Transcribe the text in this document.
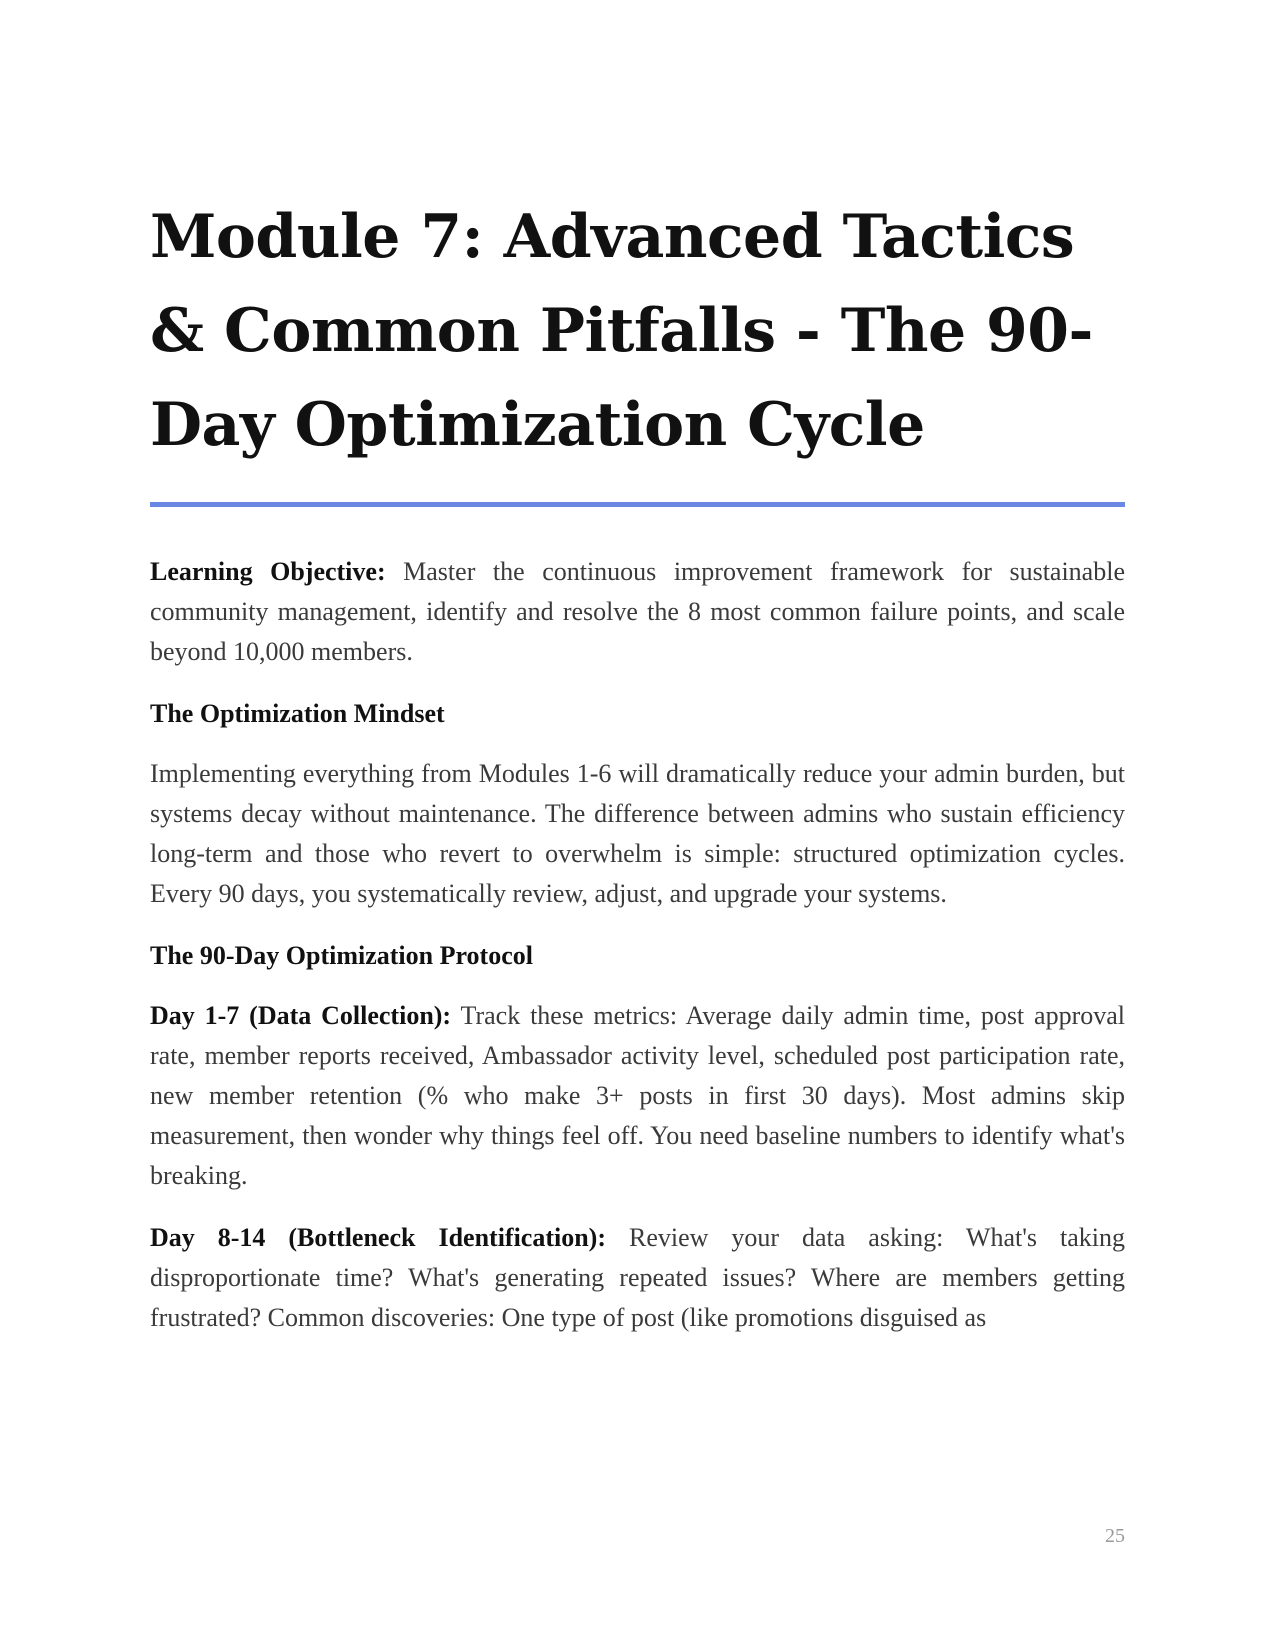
Module 7: Advanced Tactics & Common Pitfalls - The 90-Day Optimization Cycle

Learning Objective: Master the continuous improvement framework for sustainable community management, identify and resolve the 8 most common failure points, and scale beyond 10,000 members.

The Optimization Mindset

Implementing everything from Modules 1-6 will dramatically reduce your admin burden, but systems decay without maintenance. The difference between admins who sustain efficiency long-term and those who revert to overwhelm is simple: structured optimization cycles. Every 90 days, you systematically review, adjust, and upgrade your systems.

The 90-Day Optimization Protocol

Day 1-7 (Data Collection): Track these metrics: Average daily admin time, post approval rate, member reports received, Ambassador activity level, scheduled post participation rate, new member retention (% who make 3+ posts in first 30 days). Most admins skip measurement, then wonder why things feel off. You need baseline numbers to identify what's breaking.

Day 8-14 (Bottleneck Identification): Review your data asking: What's taking disproportionate time? What's generating repeated issues? Where are members getting frustrated? Common discoveries: One type of post (like promotions disguised as

25
